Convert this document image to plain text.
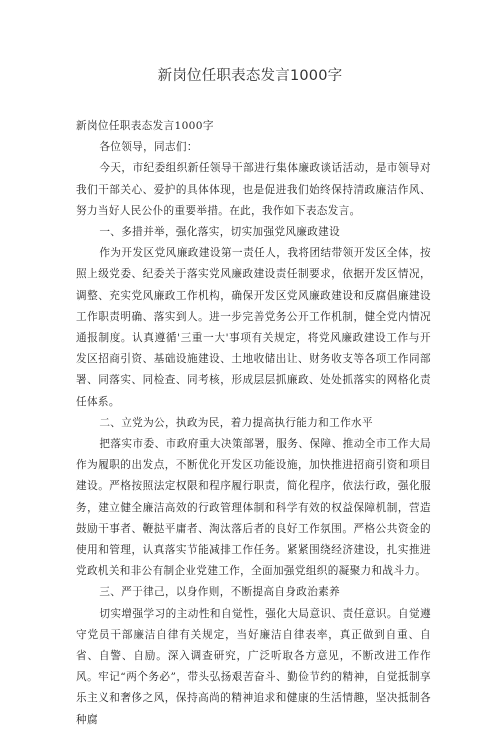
新岗位任职表态发言1000字

新岗位任职表态发言1000字

各位领导，同志们：

今天，市纪委组织新任领导干部进行集体廉政谈话活动，是市领导对我们干部关心、爱护的具体体现，也是促进我们始终保持清政廉洁作风、努力当好人民公仆的重要举措。在此，我作如下表态发言。

一、多措并举，强化落实，切实加强党风廉政建设

作为开发区党风廉政建设第一责任人，我将团结带领开发区全体，按照上级党委、纪委关于落实党风廉政建设责任制要求，依据开发区情况，调整、充实党风廉政工作机构，确保开发区党风廉政建设和反腐倡廉建设工作职责明确、落实到人。进一步完善党务公开工作机制，健全党内情况通报制度。认真遵循'三重一大'事项有关规定，将党风廉政建设工作与开发区招商引资、基础设施建设、土地收储出让、财务收支等各项工作同部署、同落实、同检查、同考核，形成层层抓廉政、处处抓落实的网格化责任体系。

二、立党为公，执政为民，着力提高执行能力和工作水平

把落实市委、市政府重大决策部署，服务、保障、推动全市工作大局作为履职的出发点，不断优化开发区功能设施，加快推进招商引资和项目建设。严格按照法定权限和程序履行职责，简化程序，依法行政，强化服务，建立健全廉洁高效的行政管理体制和科学有效的权益保障机制，营造鼓励干事者、鞭挞平庸者、淘汰落后者的良好工作氛围。严格公共资金的使用和管理，认真落实节能减排工作任务。紧紧围绕经济建设，扎实推进党政机关和非公有制企业党建工作，全面加强党组织的凝聚力和战斗力。

三、严于律己，以身作则，不断提高自身政治素养

切实增强学习的主动性和自觉性，强化大局意识、责任意识。自觉遵守党员干部廉洁自律有关规定，当好廉洁自律表率，真正做到自重、自省、自警、自励。深入调查研究，广泛听取各方意见，不断改进工作作风。牢记“两个务必”，带头弘扬艰苦奋斗、勤俭节约的精神，自觉抵制享乐主义和奢侈之风，保持高尚的精神追求和健康的生活情趣，坚决抵制各种腐
